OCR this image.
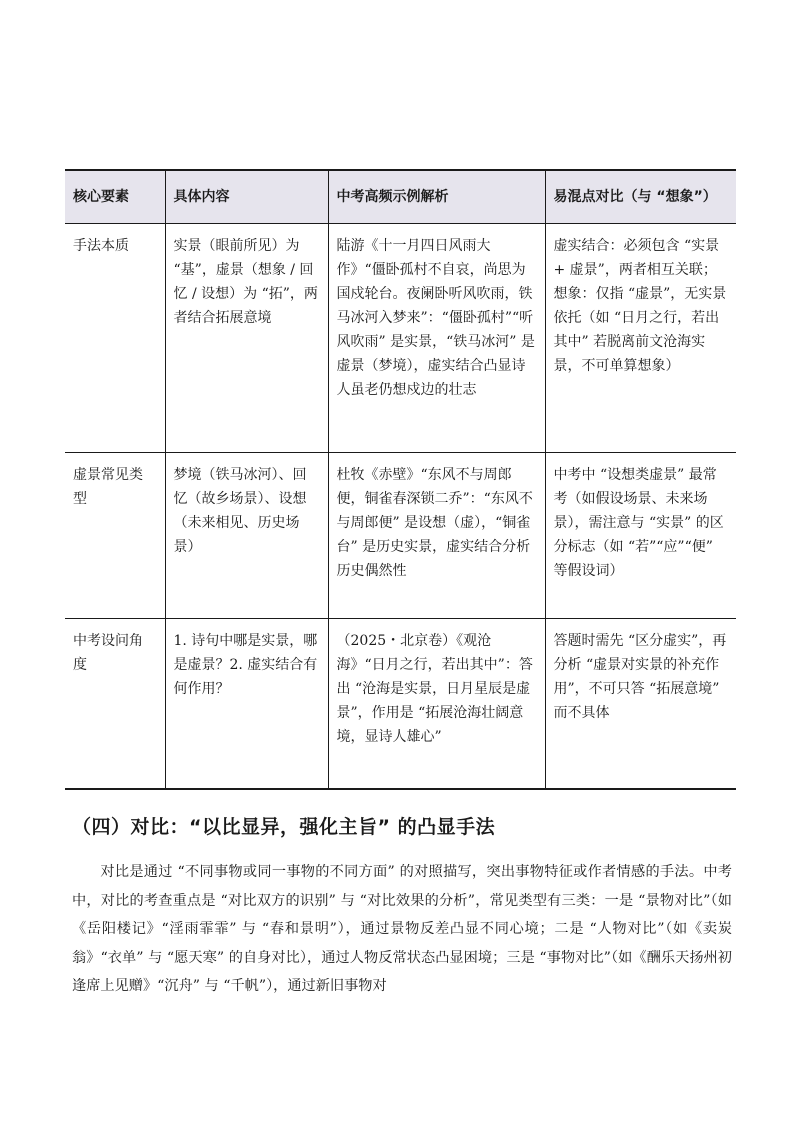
核心要素	具体内容	中考高频示例解析	易混点对比（与 “想象”）
手法本质	实景（眼前所见）为 “基”，虚景（想象 / 回忆 / 设想）为 “拓”，两者结合拓展意境	陆游《十一月四日风雨大作》“僵卧孤村不自哀，尚思为国戍轮台。夜阑卧听风吹雨，铁马冰河入梦来”：“僵卧孤村”“听风吹雨” 是实景，“铁马冰河” 是虚景（梦境），虚实结合凸显诗人虽老仍想戍边的壮志	虚实结合：必须包含 “实景 + 虚景”，两者相互关联；想象：仅指 “虚景”，无实景依托（如 “日月之行，若出其中” 若脱离前文沧海实景，不可单算想象）
虚景常见类型	梦境（铁马冰河）、回忆（故乡场景）、设想（未来相见、历史场景）	杜牧《赤壁》“东风不与周郎便，铜雀春深锁二乔”：“东风不与周郎便” 是设想（虚），“铜雀台” 是历史实景，虚实结合分析历史偶然性	中考中 “设想类虚景” 最常考（如假设场景、未来场景），需注意与 “实景” 的区分标志（如 “若”“应”“便” 等假设词）
中考设问角度	1. 诗句中哪是实景，哪是虚景？2. 虚实结合有何作用？	（2025・北京卷）《观沧海》“日月之行，若出其中”：答出 “沧海是实景，日月星辰是虚景”，作用是 “拓展沧海壮阔意境，显诗人雄心”	答题时需先 “区分虚实”，再分析 “虚景对实景的补充作用”，不可只答 “拓展意境” 而不具体
（四）对比：“以比显异，强化主旨” 的凸显手法

对比是通过 “不同事物或同一事物的不同方面” 的对照描写，突出事物特征或作者情感的手法。中考中，对比的考查重点是 “对比双方的识别” 与 “对比效果的分析”，常见类型有三类：一是 “景物对比”（如《岳阳楼记》“淫雨霏霏” 与 “春和景明”），通过景物反差凸显不同心境；二是 “人物对比”（如《卖炭翁》“衣单” 与 “愿天寒” 的自身对比），通过人物反常状态凸显困境；三是 “事物对比”（如《酬乐天扬州初逢席上见赠》“沉舟” 与 “千帆”），通过新旧事物对
